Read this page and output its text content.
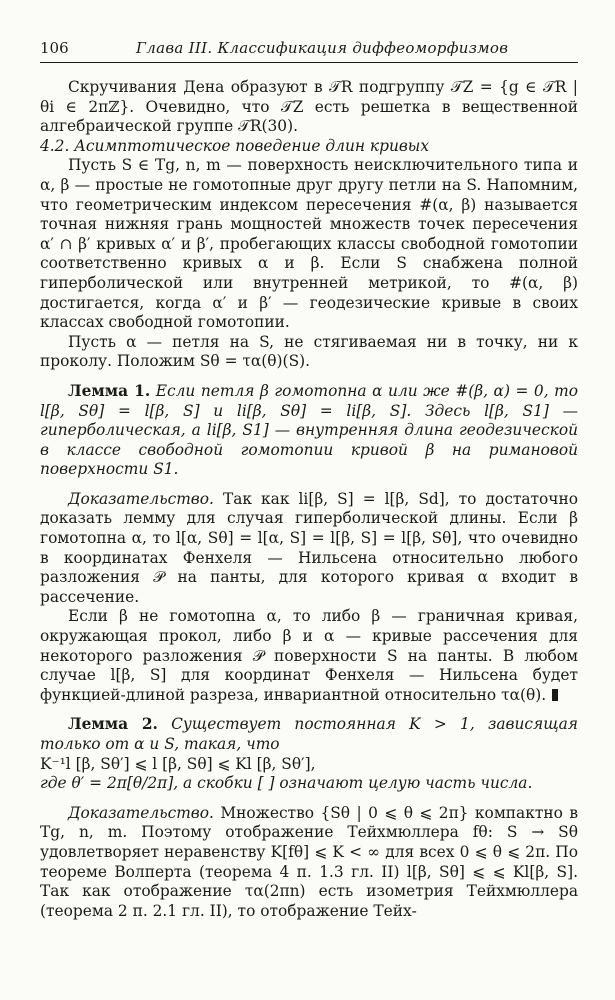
106	Глава III. Классификация диффеоморфизмов

Скручивания Дена образуют в 𝒯R подгруппу 𝒯Z = {g ∈ 𝒯R | θi ∈ 2πℤ}. Очевидно, что 𝒯Z есть решетка в вещественной алгебраической группе 𝒯R(30).

4.2. Асимптотическое поведение длин кривых

Пусть S ∈ Tg, n, m — поверхность неисключительного типа и α, β — простые не гомотопные друг другу петли на S. Напомним, что геометрическим индексом пересечения #(α, β) называется точная нижняя грань мощностей множеств точек пересечения α′ ∩ β′ кривых α′ и β′, пробегающих классы свободной гомотопии соответственно кривых α и β. Если S снабжена полной гиперболической или внутренней метрикой, то #(α, β) достигается, когда α′ и β′ — геодезические кривые в своих классах свободной гомотопии.

Пусть α — петля на S, не стягиваемая ни в точку, ни к проколу. Положим Sθ = τα(θ)(S).

Лемма 1. Если петля β гомотопна α или же #(β, α) = 0, то l[β, Sθ] = l[β, S] и li[β, Sθ] = li[β, S]. Здесь l[β, S1] — гиперболическая, а li[β, S1] — внутренняя длина геодезической в классе свободной гомотопии кривой β на римановой поверхности S1.

Доказательство. Так как li[β, S] = l[β, Sd], то достаточно доказать лемму для случая гиперболической длины. Если β гомотопна α, то l[α, Sθ] = l[α, S] = l[β, S] = l[β, Sθ], что очевидно в координатах Фенхеля — Нильсена относительно любого разложения 𝒫 на панты, для которого кривая α входит в рассечение.

Если β не гомотопна α, то либо β — граничная кривая, окружающая прокол, либо β и α — кривые рассечения для некоторого разложения 𝒫 поверхности S на панты. В любом случае l[β, S] для координат Фенхеля — Нильсена будет функцией-длиной разреза, инвариантной относительно τα(θ).

Лемма 2. Существует постоянная K > 1, зависящая только от α и S, такая, что

K⁻¹l [β, Sθ′] ⩽ l [β, Sθ] ⩽ Kl [β, Sθ′],

где θ′ = 2π[θ/2π], а скобки [ ] означают целую часть числа.

Доказательство. Множество {Sθ | 0 ⩽ θ ⩽ 2π} компактно в Tg, n, m. Поэтому отображение Тейхмюллера fθ: S → Sθ удовлетворяет неравенству K[fθ] ⩽ K < ∞ для всех 0 ⩽ θ ⩽ 2π. По теореме Волперта (теорема 4 п. 1.3 гл. II) l[β, Sθ] ⩽ ⩽ Kl[β, S]. Так как отображение τα(2πn) есть изометрия Тейхмюллера (теорема 2 п. 2.1 гл. II), то отображение Тейх-
